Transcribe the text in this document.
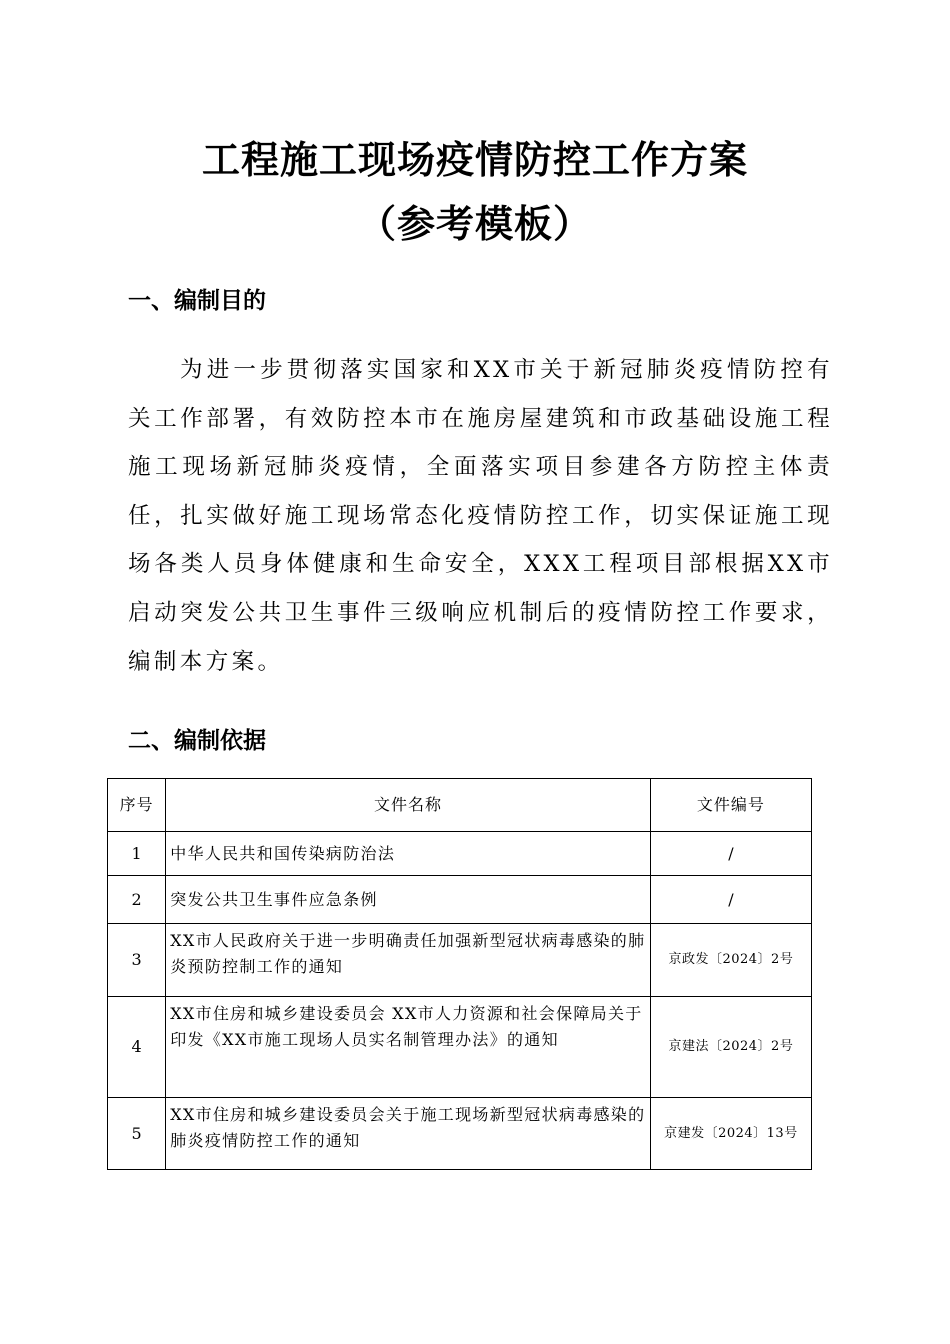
工程施工现场疫情防控工作方案
（参考模板）
一、编制目的

为进一步贯彻落实国家和XX市关于新冠肺炎疫情防控有关工作部署，有效防控本市在施房屋建筑和市政基础设施工程施工现场新冠肺炎疫情，全面落实项目参建各方防控主体责任，扎实做好施工现场常态化疫情防控工作，切实保证施工现场各类人员身体健康和生命安全，XXX工程项目部根据XX市启动突发公共卫生事件三级响应机制后的疫情防控工作要求，编制本方案。

二、编制依据
序号	文件名称	文件编号
1	中华人民共和国传染病防治法	/
2	突发公共卫生事件应急条例	/
3	XX市人民政府关于进一步明确责任加强新型冠状病毒感染的肺炎预防控制工作的通知	京政发〔2024〕2号
4	XX市住房和城乡建设委员会 XX市人力资源和社会保障局关于印发《XX市施工现场人员实名制管理办法》的通知	京建法〔2024〕2号
5	XX市住房和城乡建设委员会关于施工现场新型冠状病毒感染的肺炎疫情防控工作的通知	京建发〔2024〕13号
